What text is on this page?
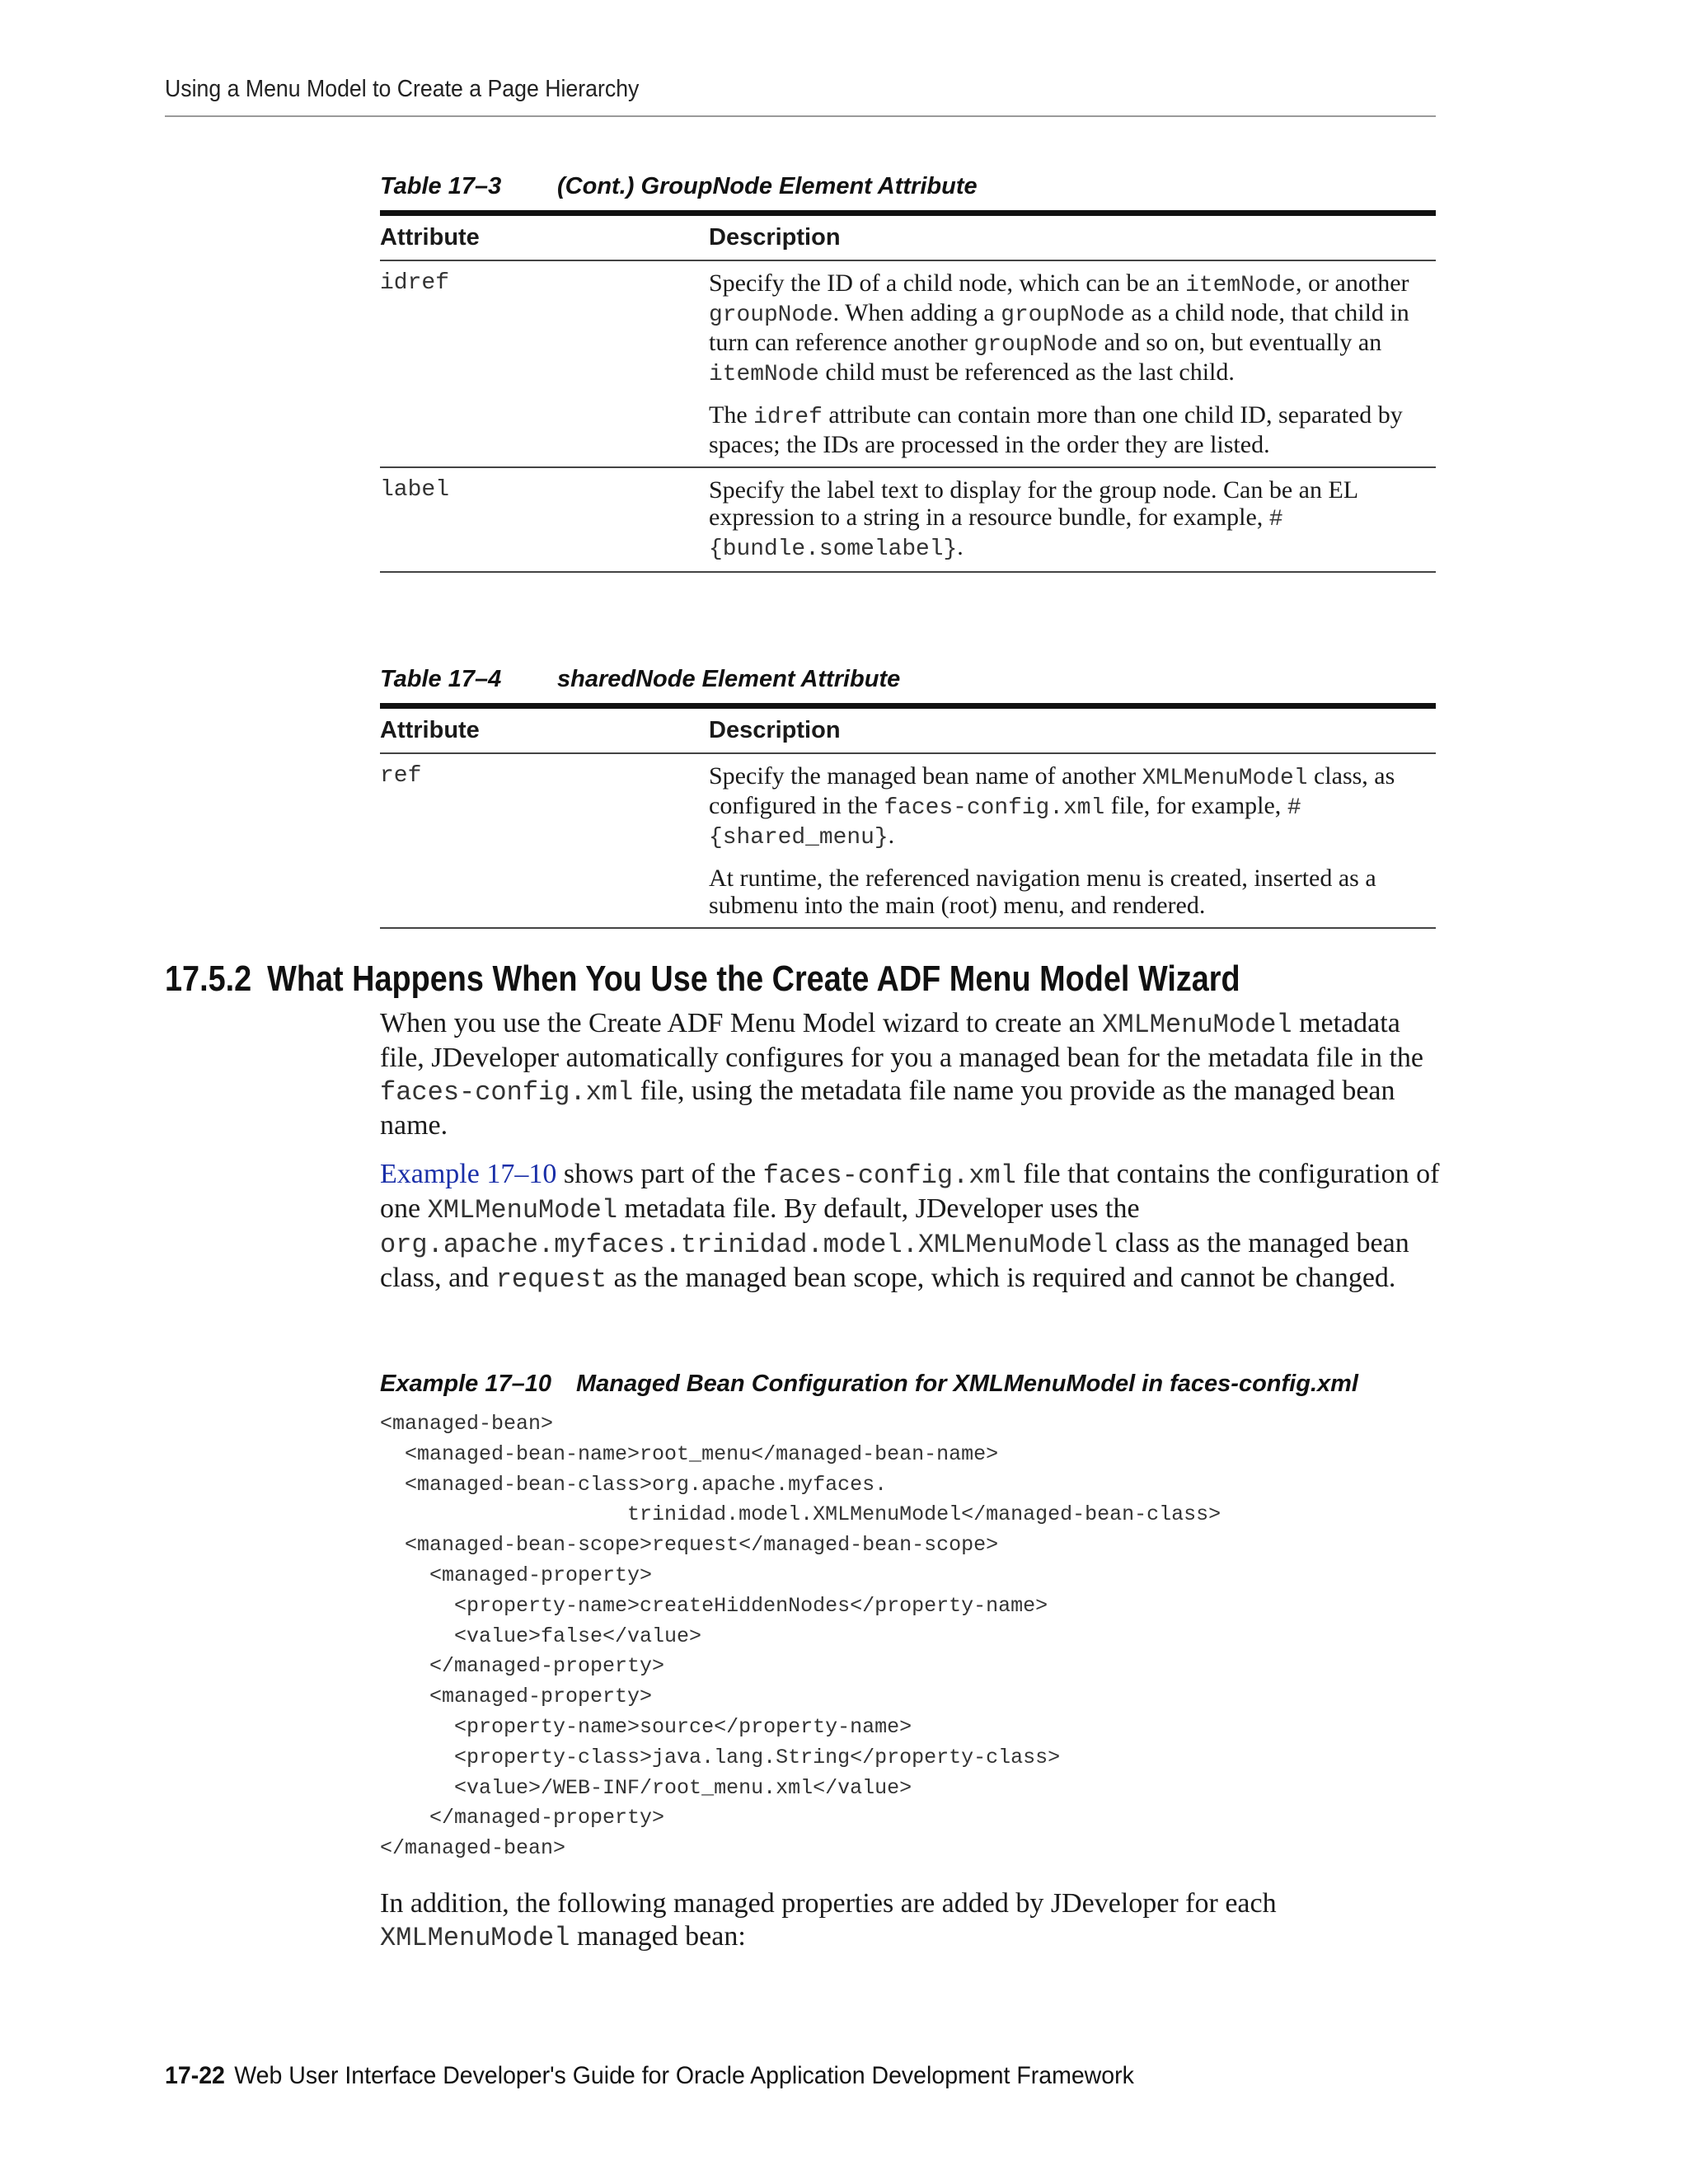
Using a Menu Model to Create a Page Hierarchy
Table 17–3 (Cont.) GroupNode Element Attribute
Attribute	Description
idref	Specify the ID of a child node, which can be an itemNode, or another groupNode. When adding a groupNode as a child node, that child in turn can reference another groupNode and so on, but eventually an itemNode child must be referenced as the last child.

The idref attribute can contain more than one child ID, separated by spaces; the IDs are processed in the order they are listed.

label	Specify the label text to display for the group node. Can be an EL expression to a string in a resource bundle, for example, #{bundle.somelabel}.

Table 17–4 sharedNode Element Attribute
Attribute	Description
ref	Specify the managed bean name of another XMLMenuModel class, as configured in the faces-config.xml file, for example, #{shared_menu}.

At runtime, the referenced navigation menu is created, inserted as a submenu into the main (root) menu, and rendered.

17.5.2 What Happens When You Use the Create ADF Menu Model Wizard

When you use the Create ADF Menu Model wizard to create an XMLMenuModel metadata file, JDeveloper automatically configures for you a managed bean for the metadata file in the faces-config.xml file, using the metadata file name you provide as the managed bean name.

Example 17–10 shows part of the faces-config.xml file that contains the configuration of one XMLMenuModel metadata file. By default, JDeveloper uses the org.apache.myfaces.trinidad.model.XMLMenuModel class as the managed bean class, and request as the managed bean scope, which is required and cannot be changed.

Example 17–10 Managed Bean Configuration for XMLMenuModel in faces-config.xml
<managed-bean>
<managed-bean-name>root_menu</managed-bean-name>
<managed-bean-class>org.apache.myfaces.
trinidad.model.XMLMenuModel</managed-bean-class>
<managed-bean-scope>request</managed-bean-scope>
<managed-property>
<property-name>createHiddenNodes</property-name>
<value>false</value>
</managed-property>
<managed-property>
<property-name>source</property-name>
<property-class>java.lang.String</property-class>
<value>/WEB-INF/root_menu.xml</value>
</managed-property>
</managed-bean>

In addition, the following managed properties are added by JDeveloper for each XMLMenuModel managed bean:

17-22 Web User Interface Developer's Guide for Oracle Application Development Framework
